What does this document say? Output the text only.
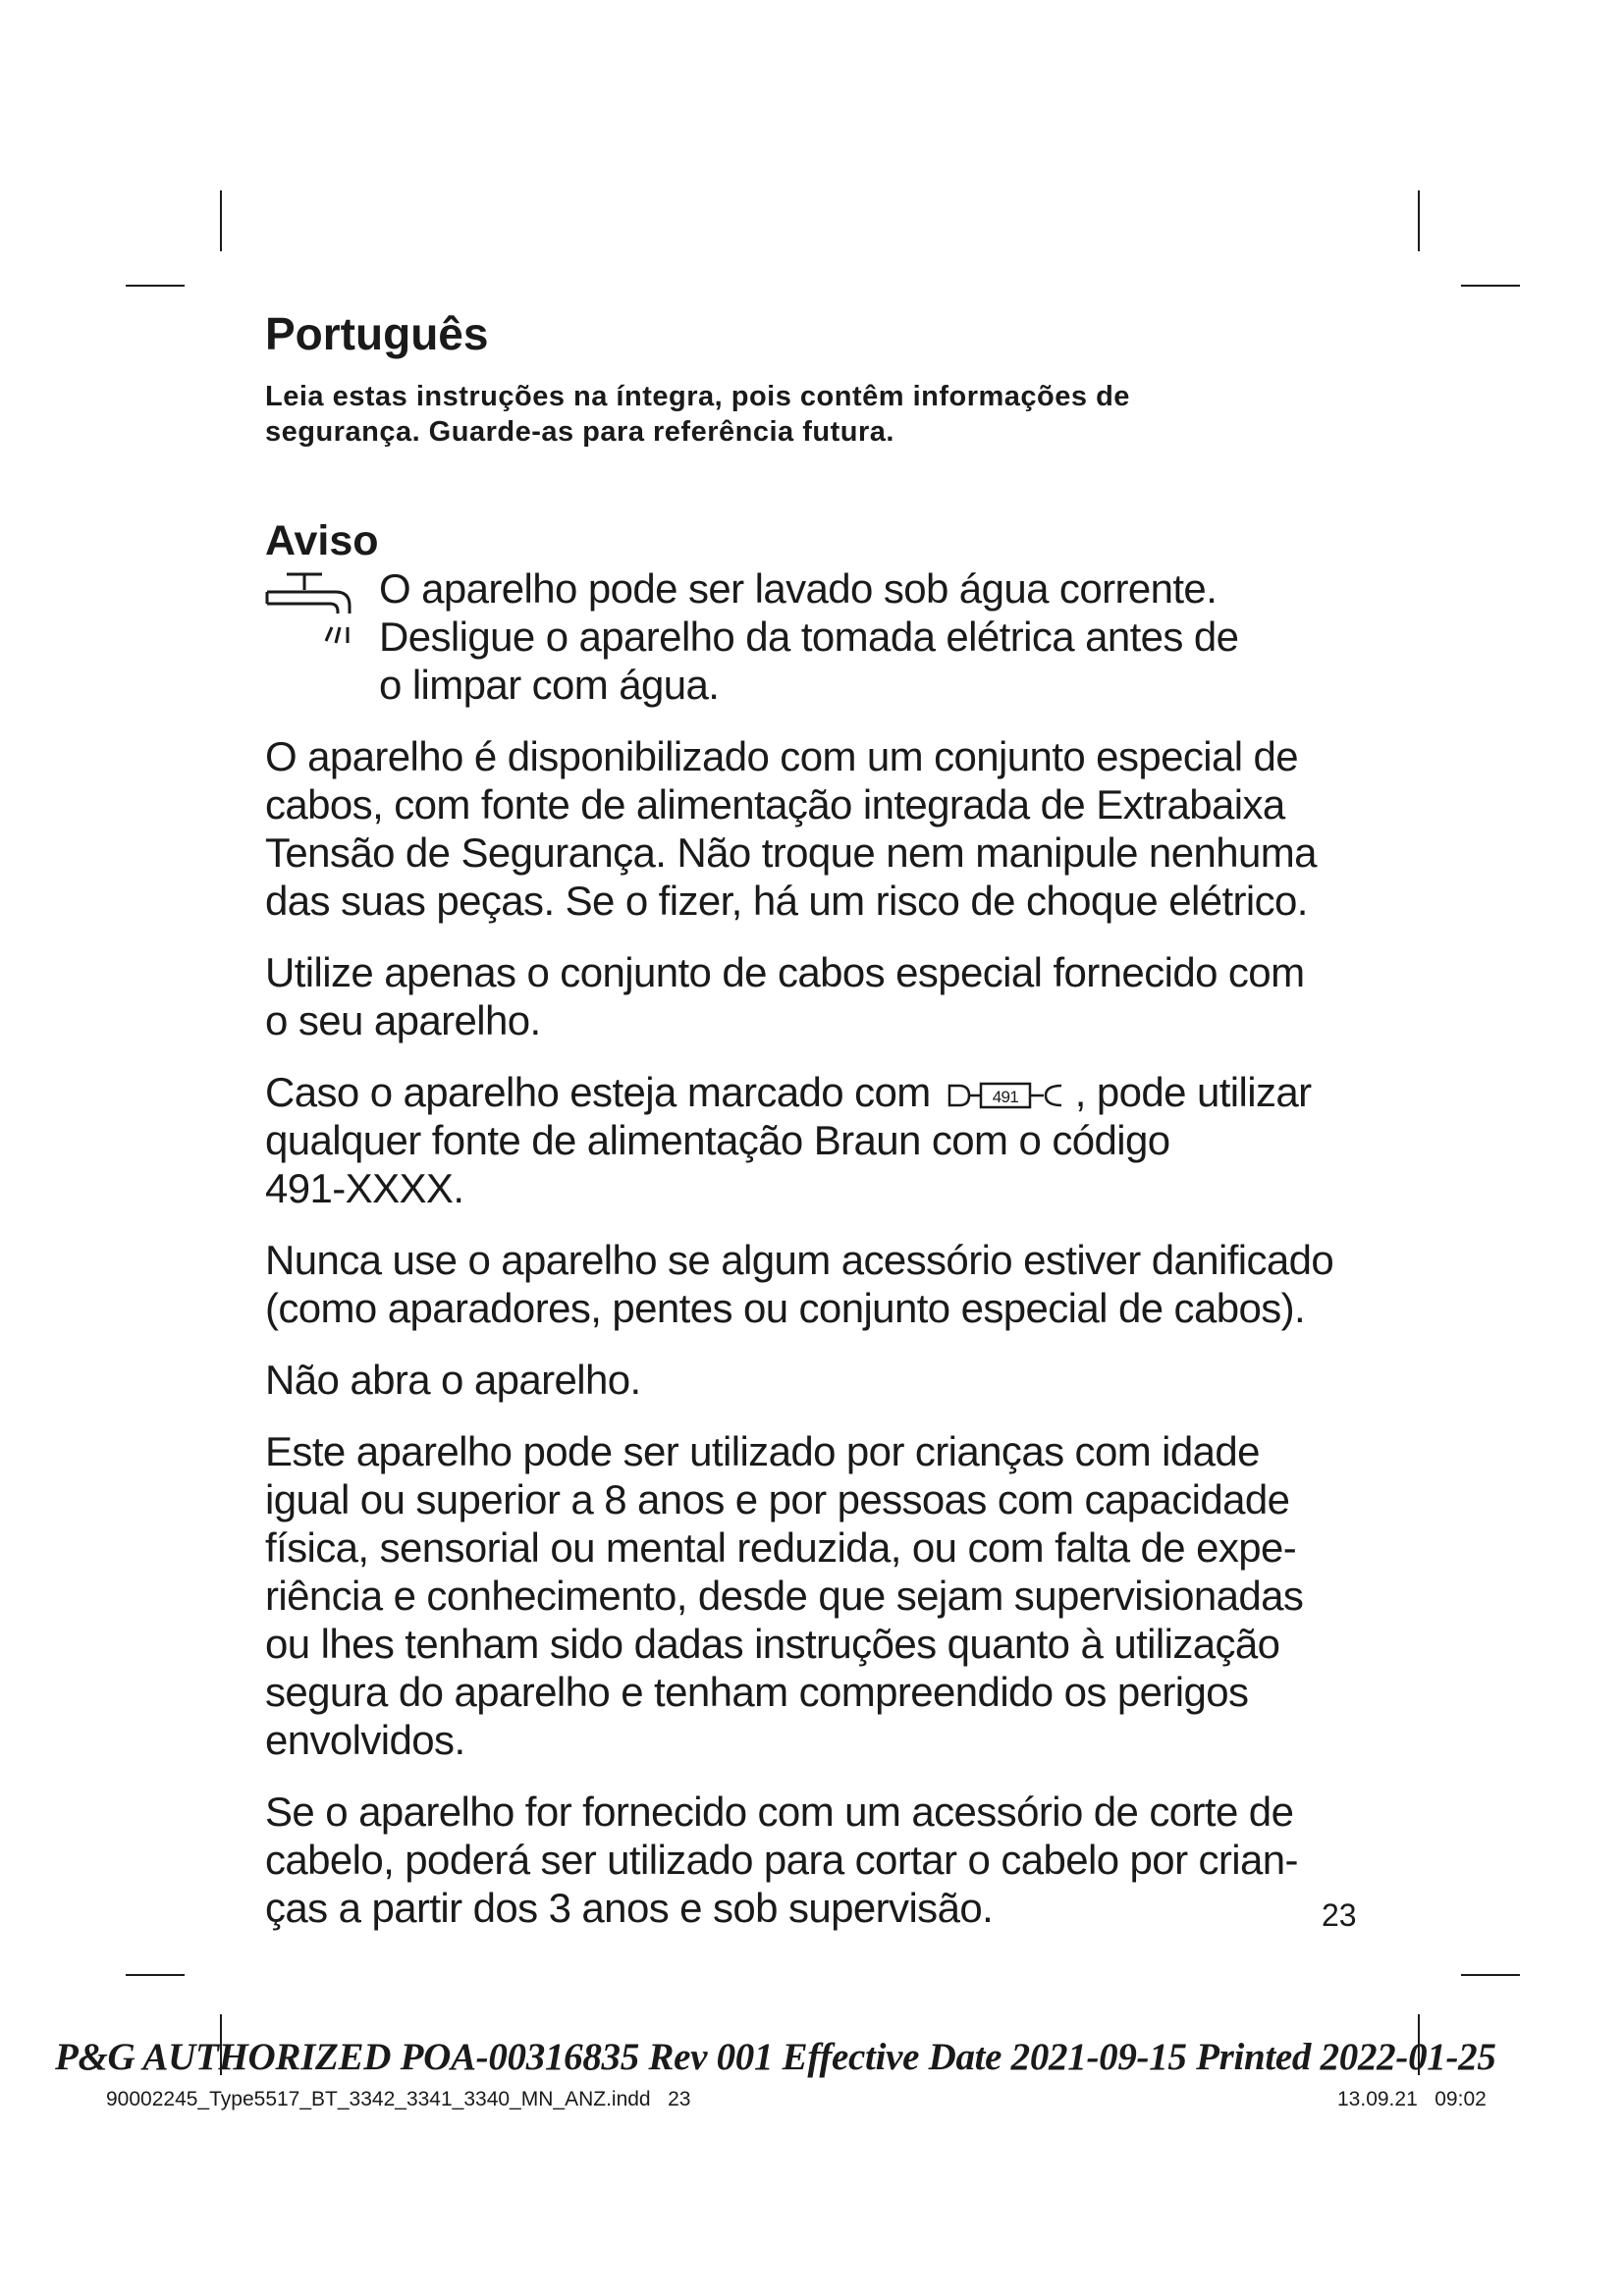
Português

Leia estas instruções na íntegra, pois contêm informações de
segurança. Guarde-as para referência futura.

Aviso

O aparelho pode ser lavado sob água corrente.
Desligue o aparelho da tomada elétrica antes de
o limpar com água.

O aparelho é disponibilizado com um conjunto especial de
cabos, com fonte de alimentação integrada de Extrabaixa
Tensão de Segurança. Não troque nem manipule nenhuma
das suas peças. Se o fizer, há um risco de choque elétrico.

Utilize apenas o conjunto de cabos especial fornecido com
o seu aparelho.

Caso o aparelho esteja marcado com	491 , pode utilizar
qualquer fonte de alimentação Braun com o código
491-XXXX.

Nunca use o aparelho se algum acessório estiver danificado
(como aparadores, pentes ou conjunto especial de cabos).

Não abra o aparelho.

Este aparelho pode ser utilizado por crianças com idade
igual ou superior a 8 anos e por pessoas com capacidade
física, sensorial ou mental reduzida, ou com falta de expe-
riência e conhecimento, desde que sejam supervisionadas
ou lhes tenham sido dadas instruções quanto à utilização
segura do aparelho e tenham compreendido os perigos
envolvidos.

Se o aparelho for fornecido com um acessório de corte de
cabelo, poderá ser utilizado para cortar o cabelo por crian-
ças a partir dos 3 anos e sob supervisão.	23
P&G AUTHORIZED POA-00316835 Rev 001 Effective Date 2021-09-15 Printed 2022-01-25
90002245_Type5517_BT_3342_3341_3340_MN_ANZ.indd   23	13.09.21   09:02
